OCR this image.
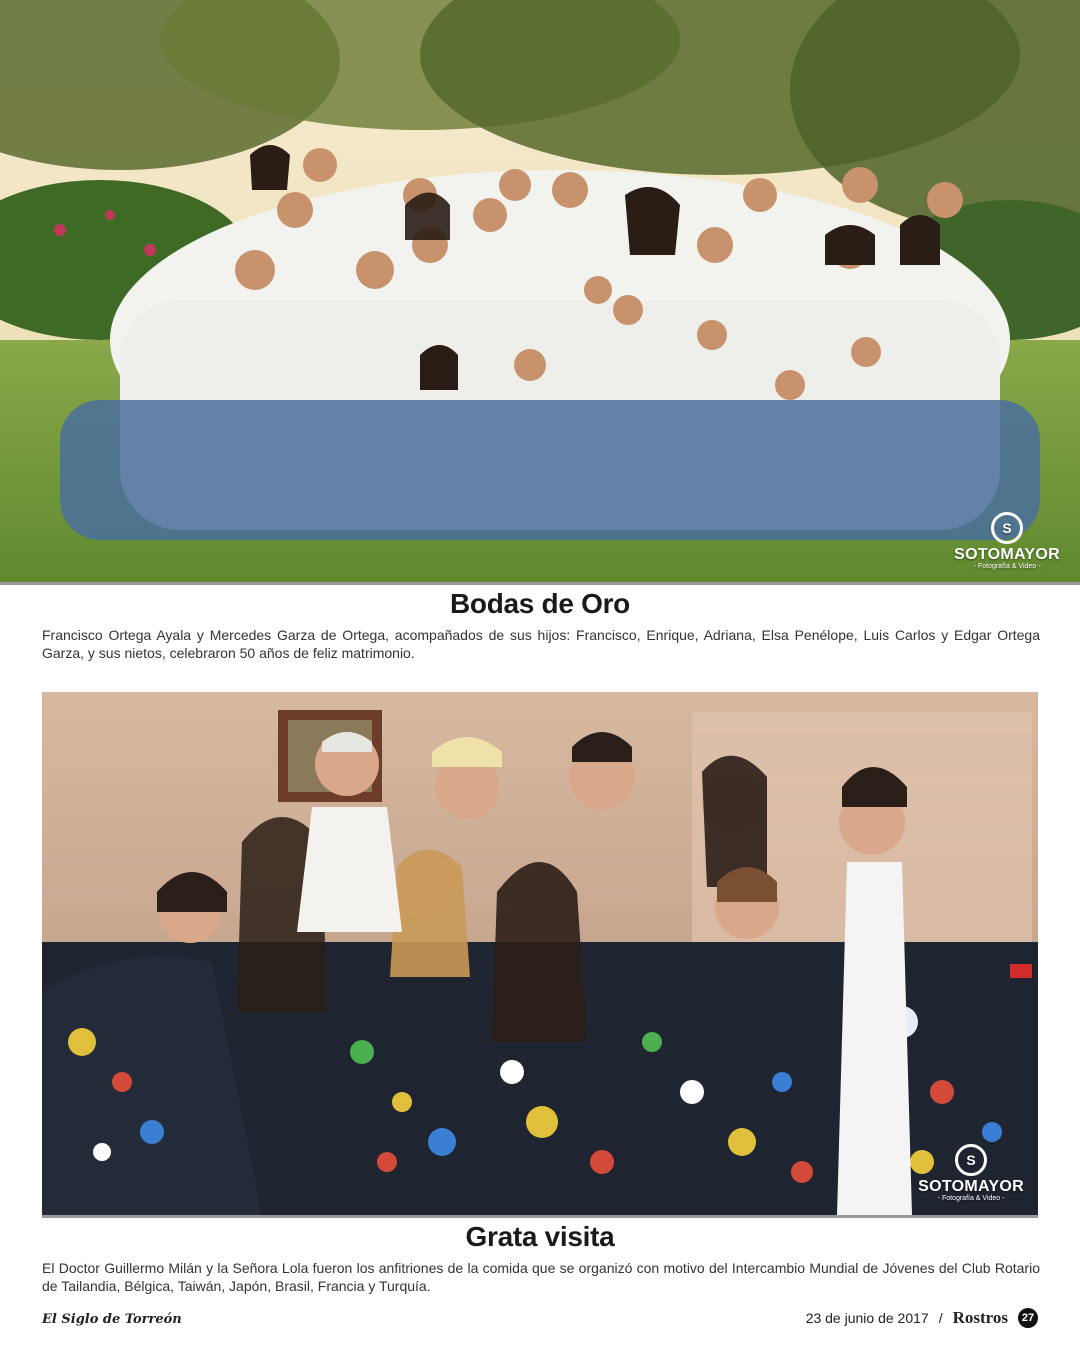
S
SOTOMAYOR
- Fotografía & Video -
Bodas de Oro
Francisco Ortega Ayala y Mercedes Garza de Ortega, acompañados de sus hijos: Francisco, Enrique, Adriana, Elsa Penélope, Luis Carlos y Edgar Ortega Garza, y sus nietos, celebraron 50 años de feliz matrimonio.
S
SOTOMAYOR
- Fotografía & Video -
Grata visita
El Doctor Guillermo Milán y la Señora Lola fueron los anfitriones de la comida que se organizó con motivo del Intercambio Mundial de Jóvenes del Club Rotario de Tailandia, Bélgica, Taiwán, Japón, Brasil, Francia y Turquía.
El Siglo de Torreón	23 de junio de 2017 / Rostros	27
